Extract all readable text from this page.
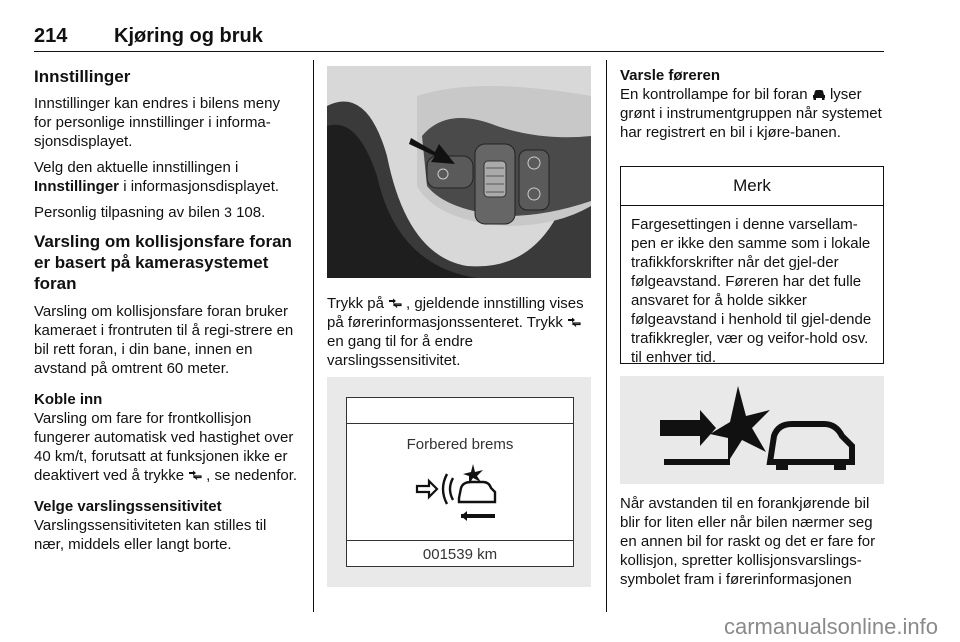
214 Kjøring og bruk
Innstillinger

Innstillinger kan endres i bilens meny for personlige innstillinger i informa-sjonsdisplayet.

Velg den aktuelle innstillingen i Innstillinger i informasjonsdisplayet.

Personlig tilpasning av bilen 3 108.

Varsling om kollisjonsfare foran er basert på kamerasystemet foran

Varsling om kollisjonsfare foran bruker kameraet i frontruten til å regi-strere en bil rett foran, i din bane, innen en avstand på omtrent 60 meter.

Koble inn

Varsling om fare for frontkollisjon fungerer automatisk ved hastighet over 40 km/t, forutsatt at funksjonen ikke er deaktivert ved å trykke , se nedenfor.

Velge varslingssensitivitet

Varslingssensitiviteten kan stilles til nær, middels eller langt borte.

Trykk på , gjeldende innstilling vises på førerinformasjonssenteret. Trykk  en gang til for å endre varslingssensitivitet.

Forbered brems
001539 km
Varsle føreren

En kontrollampe for bil foran lyser grønt i instrumentgruppen når systemet har registrert en bil i kjøre-banen.

Merk
Fargesettingen i denne varsellam-pen er ikke den samme som i lokale trafikkforskrifter når det gjel-der følgeavstand. Føreren har det fulle ansvaret for å holde sikker følgeavstand i henhold til gjel-dende trafikkregler, vær og veifor-hold osv. til enhver tid.

Når avstanden til en forankjørende bil blir for liten eller når bilen nærmer seg en annen bil for raskt og det er fare for kollisjon, spretter kollisjonsvarslings-symbolet fram i førerinformasjonen

carmanualsonline.info
